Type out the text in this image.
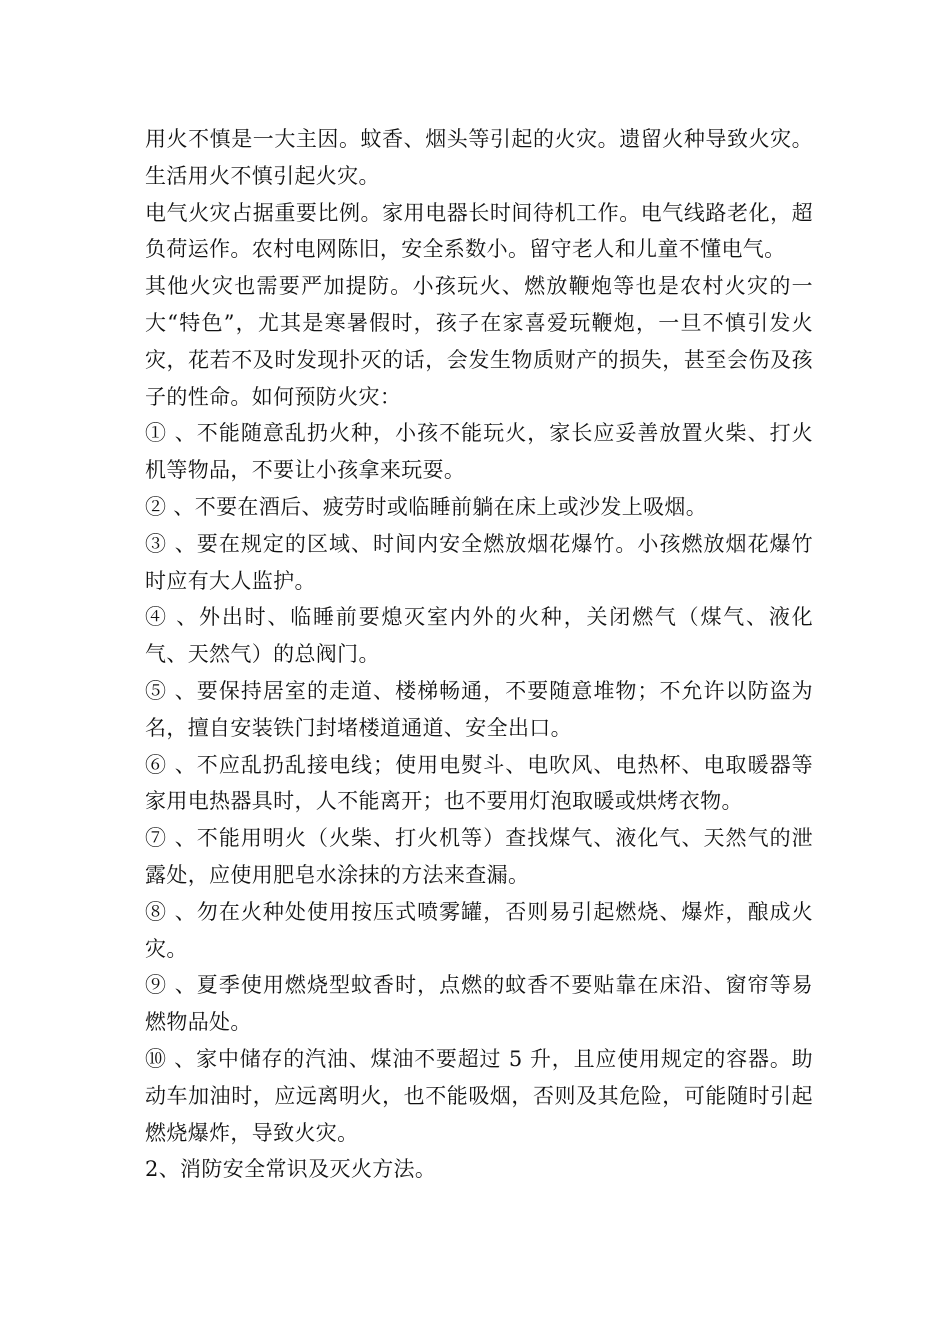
用火不慎是一大主因。蚊香、烟头等引起的火灾。遗留火种导致火灾。生活用火不慎引起火灾。

电气火灾占据重要比例。家用电器长时间待机工作。电气线路老化，超负荷运作。农村电网陈旧，安全系数小。留守老人和儿童不懂电气。

其他火灾也需要严加提防。小孩玩火、燃放鞭炮等也是农村火灾的一大“特色”，尤其是寒暑假时，孩子在家喜爱玩鞭炮，一旦不慎引发火灾，花若不及时发现扑灭的话，会发生物质财产的损失，甚至会伤及孩子的性命。如何预防火灾：

① 、不能随意乱扔火种，小孩不能玩火，家长应妥善放置火柴、打火机等物品，不要让小孩拿来玩耍。

② 、不要在酒后、疲劳时或临睡前躺在床上或沙发上吸烟。

③ 、要在规定的区域、时间内安全燃放烟花爆竹。小孩燃放烟花爆竹时应有大人监护。

④ 、外出时、临睡前要熄灭室内外的火种，关闭燃气（煤气、液化气、天然气）的总阀门。

⑤ 、要保持居室的走道、楼梯畅通，不要随意堆物；不允许以防盗为名，擅自安装铁门封堵楼道通道、安全出口。

⑥ 、不应乱扔乱接电线；使用电熨斗、电吹风、电热杯、电取暖器等家用电热器具时，人不能离开；也不要用灯泡取暖或烘烤衣物。

⑦ 、不能用明火（火柴、打火机等）查找煤气、液化气、天然气的泄露处，应使用肥皂水涂抹的方法来查漏。

⑧ 、勿在火种处使用按压式喷雾罐，否则易引起燃烧、爆炸，酿成火灾。

⑨ 、夏季使用燃烧型蚊香时，点燃的蚊香不要贴靠在床沿、窗帘等易燃物品处。

⑩ 、家中储存的汽油、煤油不要超过 5 升，且应使用规定的容器。助动车加油时，应远离明火，也不能吸烟，否则及其危险，可能随时引起燃烧爆炸，导致火灾。

2、消防安全常识及灭火方法。
